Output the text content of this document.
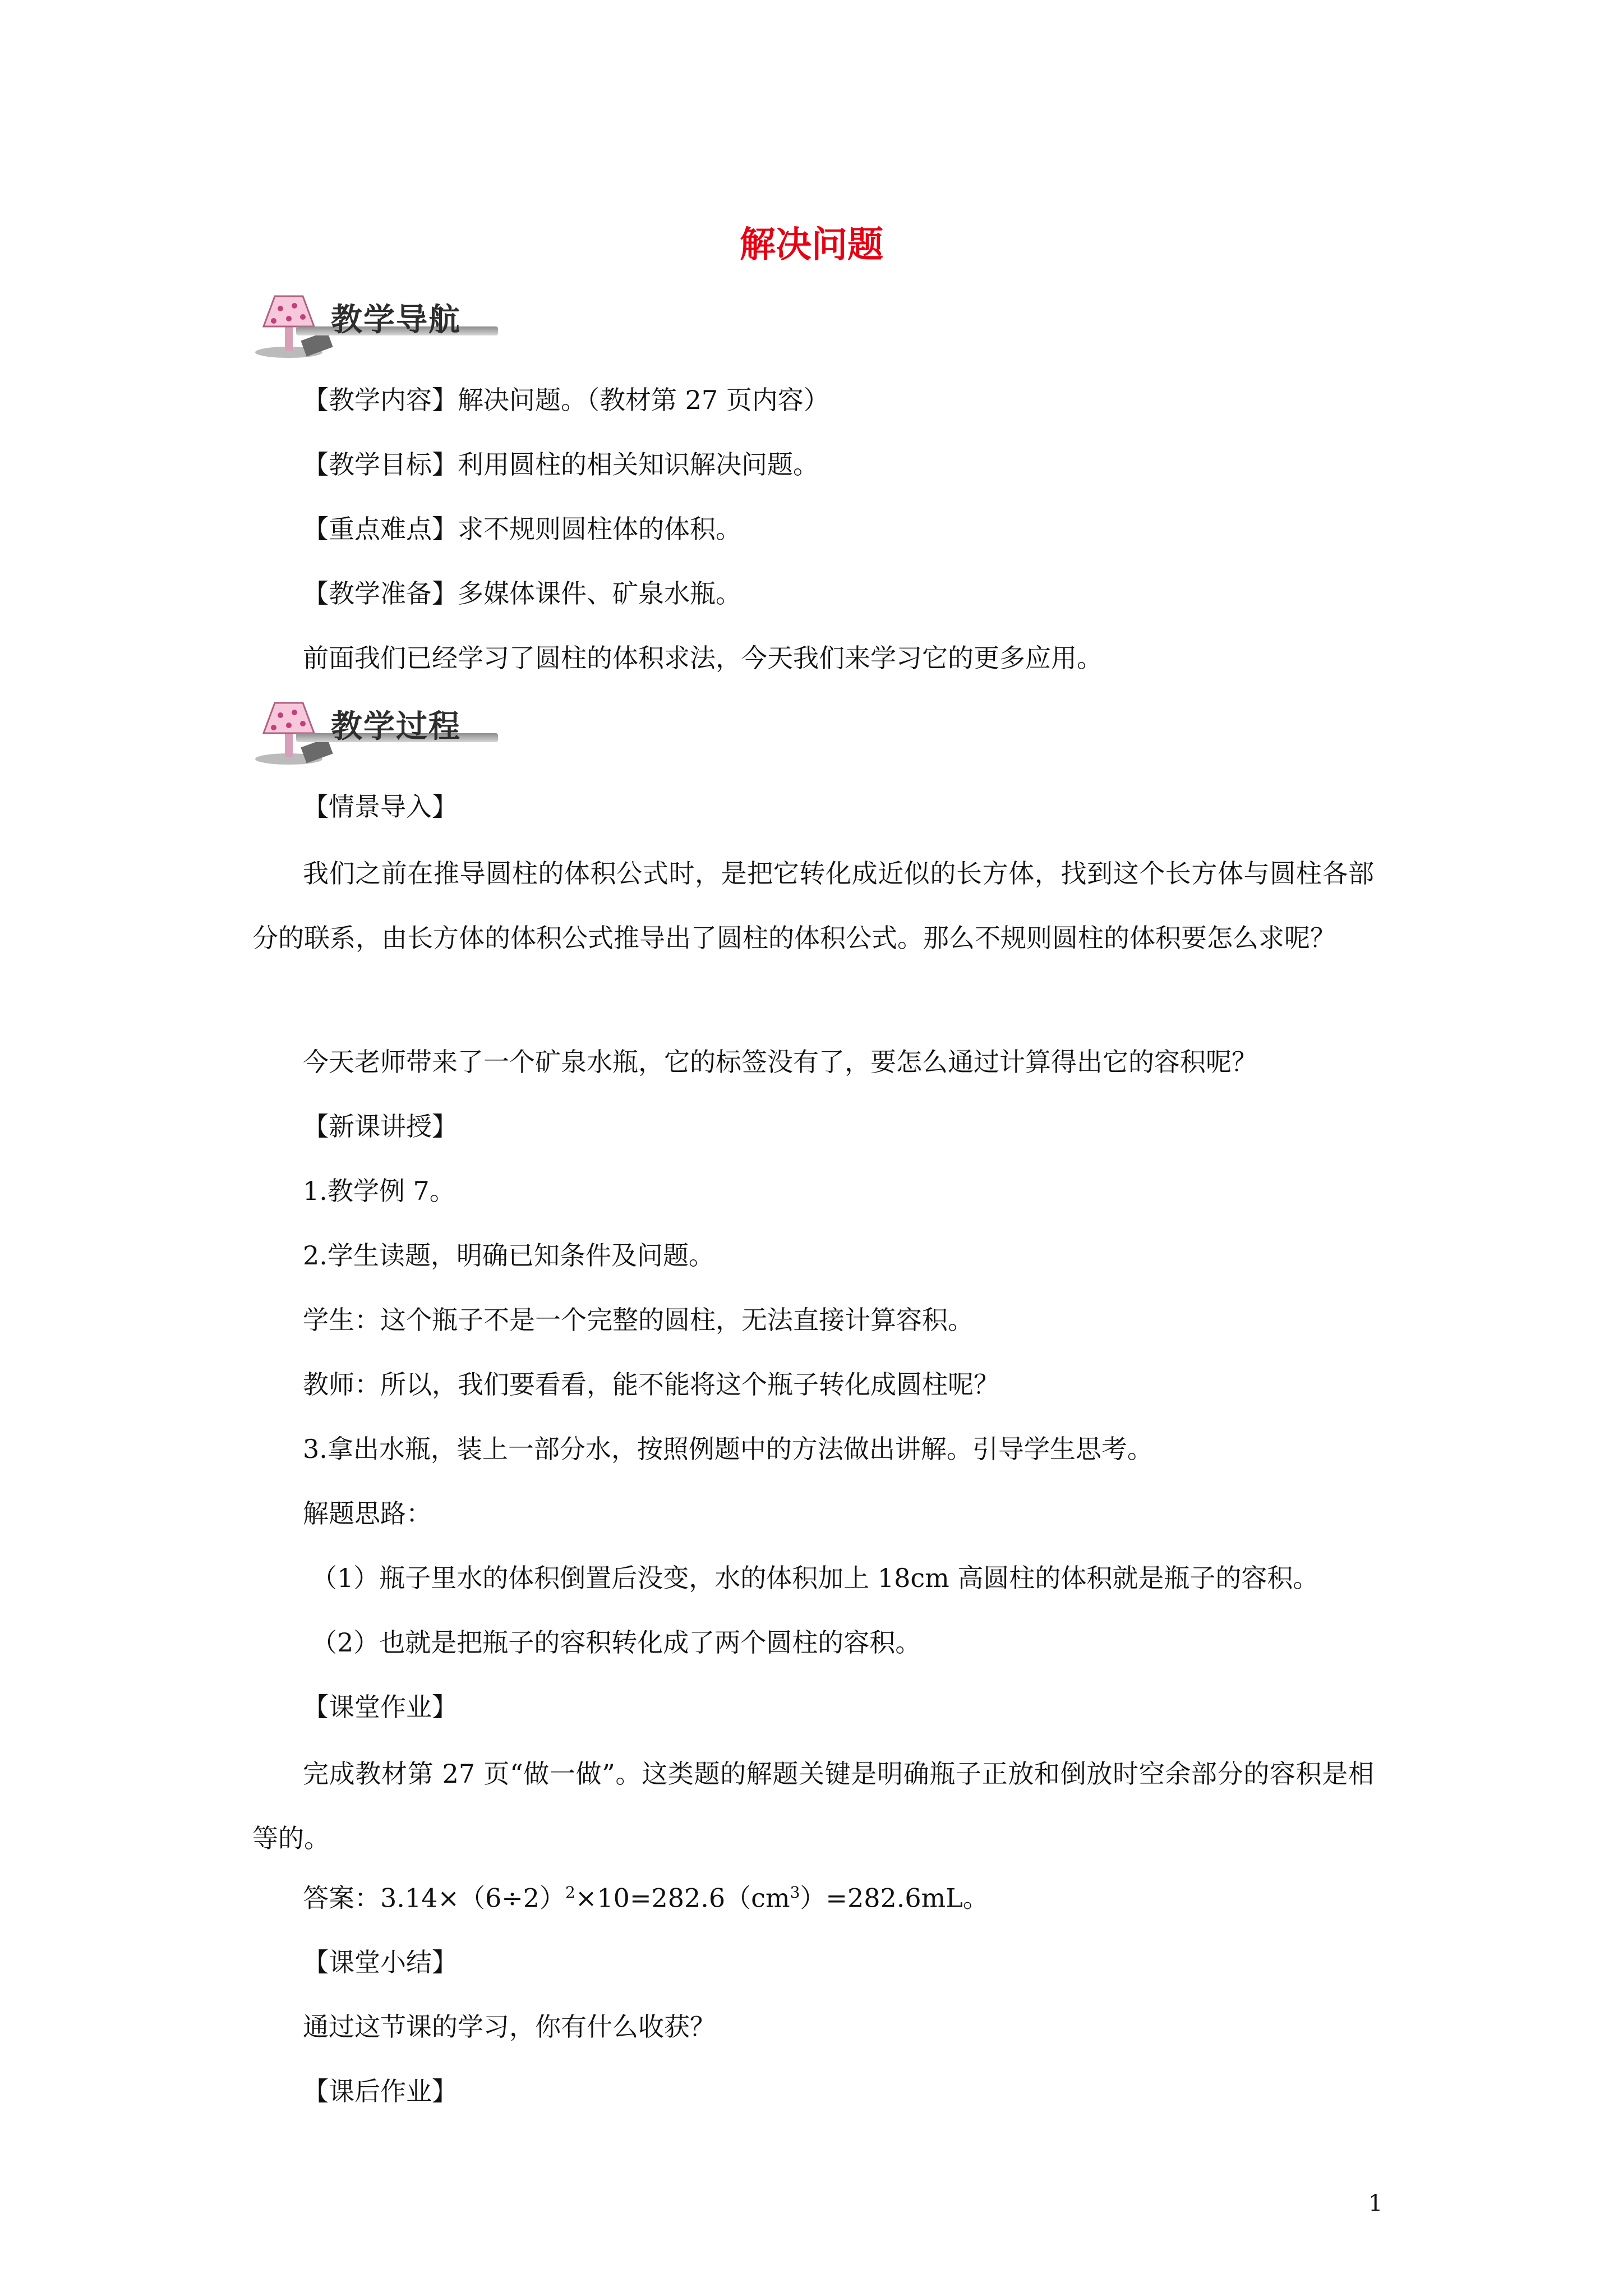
解决问题
教学导航
【教学内容】解决问题。（教材第 27 页内容）
【教学目标】利用圆柱的相关知识解决问题。
【重点难点】求不规则圆柱体的体积。
【教学准备】多媒体课件、矿泉水瓶。
前面我们已经学习了圆柱的体积求法，今天我们来学习它的更多应用。
教学过程
【情景导入】
我们之前在推导圆柱的体积公式时，是把它转化成近似的长方体，找到这个长方体与圆柱各部分的联系，由长方体的体积公式推导出了圆柱的体积公式。那么不规则圆柱的体积要怎么求呢？
今天老师带来了一个矿泉水瓶，它的标签没有了，要怎么通过计算得出它的容积呢？
【新课讲授】
1.教学例 7。
2.学生读题，明确已知条件及问题。
学生：这个瓶子不是一个完整的圆柱，无法直接计算容积。
教师：所以，我们要看看，能不能将这个瓶子转化成圆柱呢？
3.拿出水瓶，装上一部分水，按照例题中的方法做出讲解。引导学生思考。
解题思路：
（1）瓶子里水的体积倒置后没变，水的体积加上 18cm 高圆柱的体积就是瓶子的容积。
（2）也就是把瓶子的容积转化成了两个圆柱的容积。
【课堂作业】
完成教材第 27 页“做一做”。这类题的解题关键是明确瓶子正放和倒放时空余部分的容积是相等的。
答案：$3.14\times(6\div 2)^2\times 10=282.6(cm^3)=282.6mL$。
【课堂小结】
通过这节课的学习，你有什么收获？
【课后作业】
1
